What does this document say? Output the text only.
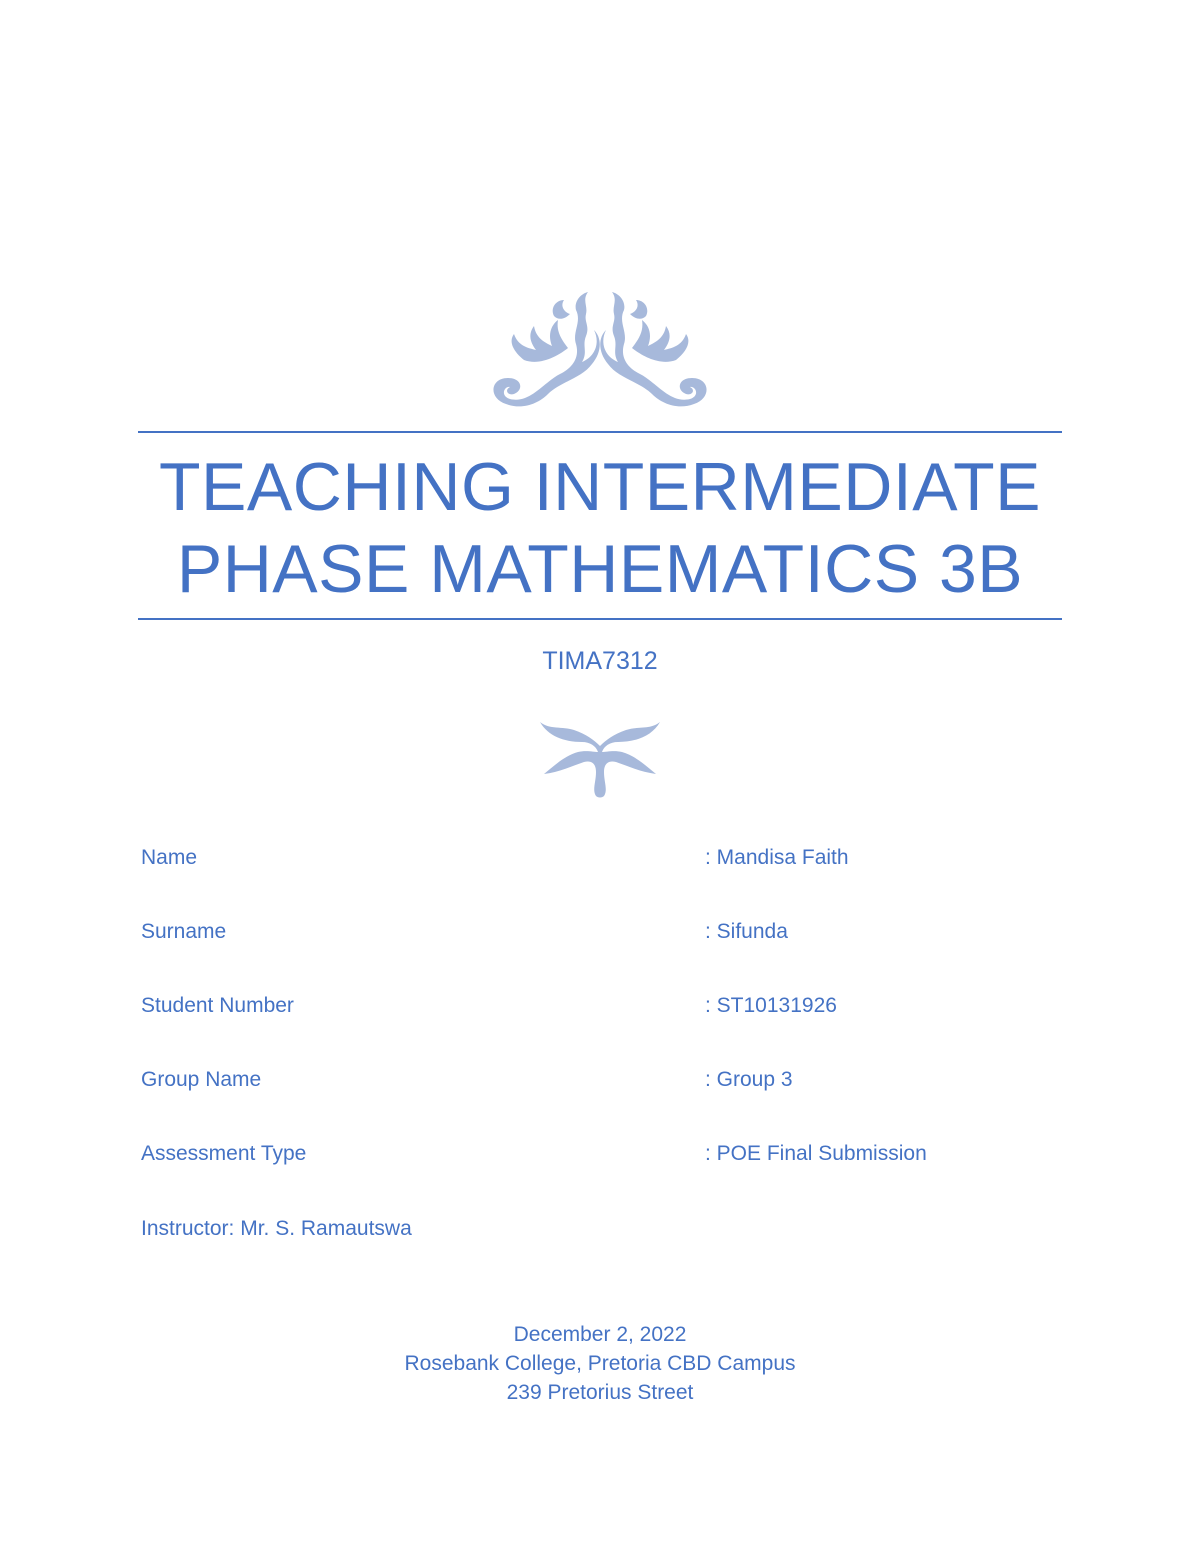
TEACHING INTERMEDIATE
PHASE MATHEMATICS 3B
TIMA7312
Name	: Mandisa Faith
Surname	: Sifunda
Student Number	: ST10131926
Group Name	: Group 3
Assessment Type	: POE Final Submission
Instructor: Mr. S. Ramautswa
December 2, 2022
Rosebank College, Pretoria CBD Campus
239 Pretorius Street
